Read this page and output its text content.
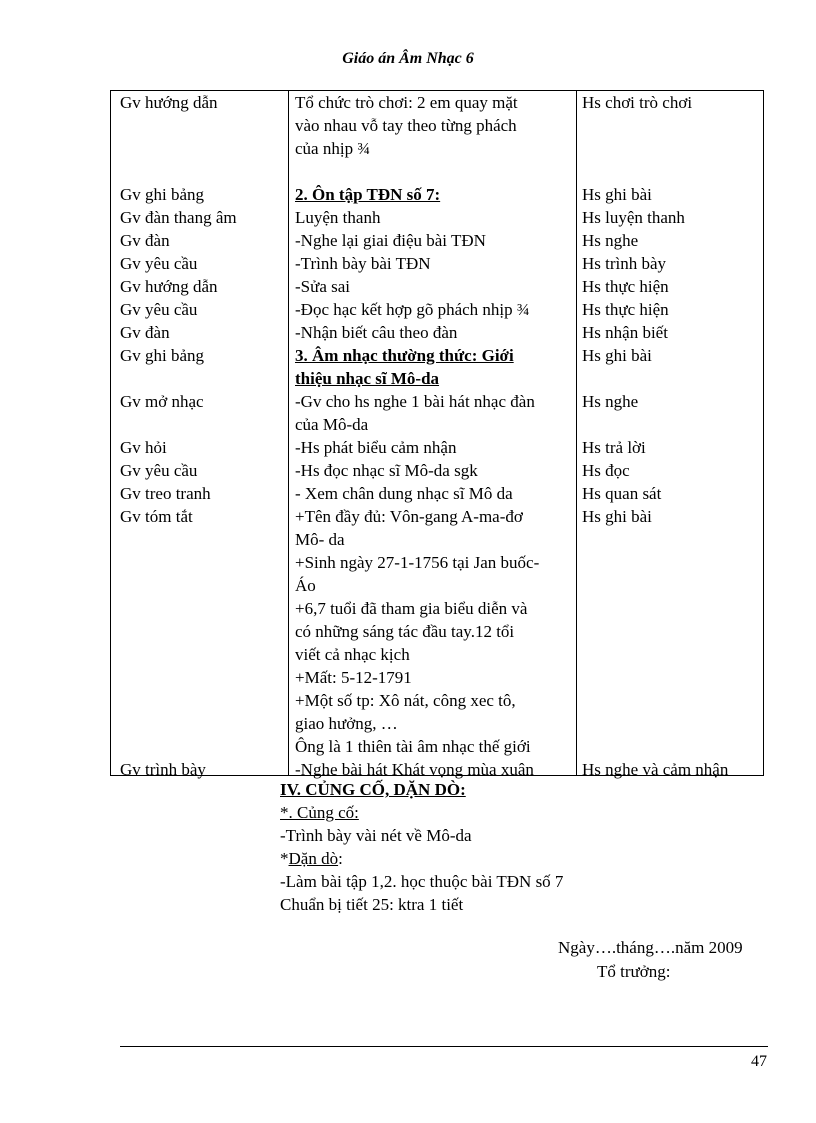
Giáo án Âm Nhạc 6
Gv hướng dẫn
Gv ghi bảng
Gv đàn thang âm
Gv đàn
Gv yêu cầu
Gv hướng dẫn
Gv yêu cầu
Gv đàn
Gv ghi bảng
Gv mở nhạc
Gv hỏi
Gv yêu cầu
Gv treo tranh
Gv tóm tắt
Gv trình bày
Tổ chức trò chơi: 2 em quay mặt
vào nhau vỗ tay theo từng phách
của nhịp ¾
2. Ôn tập TĐN số 7:
Luyện thanh
-Nghe lại giai điệu bài TĐN
-Trình bày bài TĐN
-Sửa sai
-Đọc hạc kết hợp gõ phách nhịp ¾
-Nhận biết câu theo đàn
3. Âm nhạc thường thức: Giới
thiệu nhạc sĩ Mô-da
-Gv cho hs nghe 1 bài hát nhạc đàn
của Mô-da
-Hs phát biểu cảm nhận
-Hs đọc nhạc sĩ Mô-da sgk
- Xem chân dung nhạc sĩ Mô da
+Tên đầy đủ: Vôn-gang A-ma-đơ
Mô- da
+Sinh ngày 27-1-1756 tại Jan buốc-
Áo
+6,7 tuổi đã tham gia biểu diễn và
có những sáng tác đầu tay.12 tổi
viết cả nhạc kịch
+Mất: 5-12-1791
+Một số tp: Xô nát, công xec tô,
giao hưởng, …
Ông là 1 thiên tài âm nhạc thế giới
-Nghe bài hát Khát vọng mùa xuân
Hs chơi trò chơi
Hs ghi bài
Hs luyện thanh
Hs nghe
Hs trình bày
Hs thực hiện
Hs thực hiện
Hs nhận biết
Hs ghi bài
Hs nghe
Hs trả lời
Hs đọc
Hs quan sát
Hs ghi bài
Hs nghe và cảm nhận
IV. CỦNG CỐ, DẶN DÒ:
*. Củng cố:
-Trình bày vài nét về Mô-da
*Dặn dò:
-Làm bài tập 1,2. học thuộc bài TĐN số 7
Chuẩn bị tiết 25: ktra 1 tiết
Ngày….tháng….năm 2009
Tổ trưởng:
47
